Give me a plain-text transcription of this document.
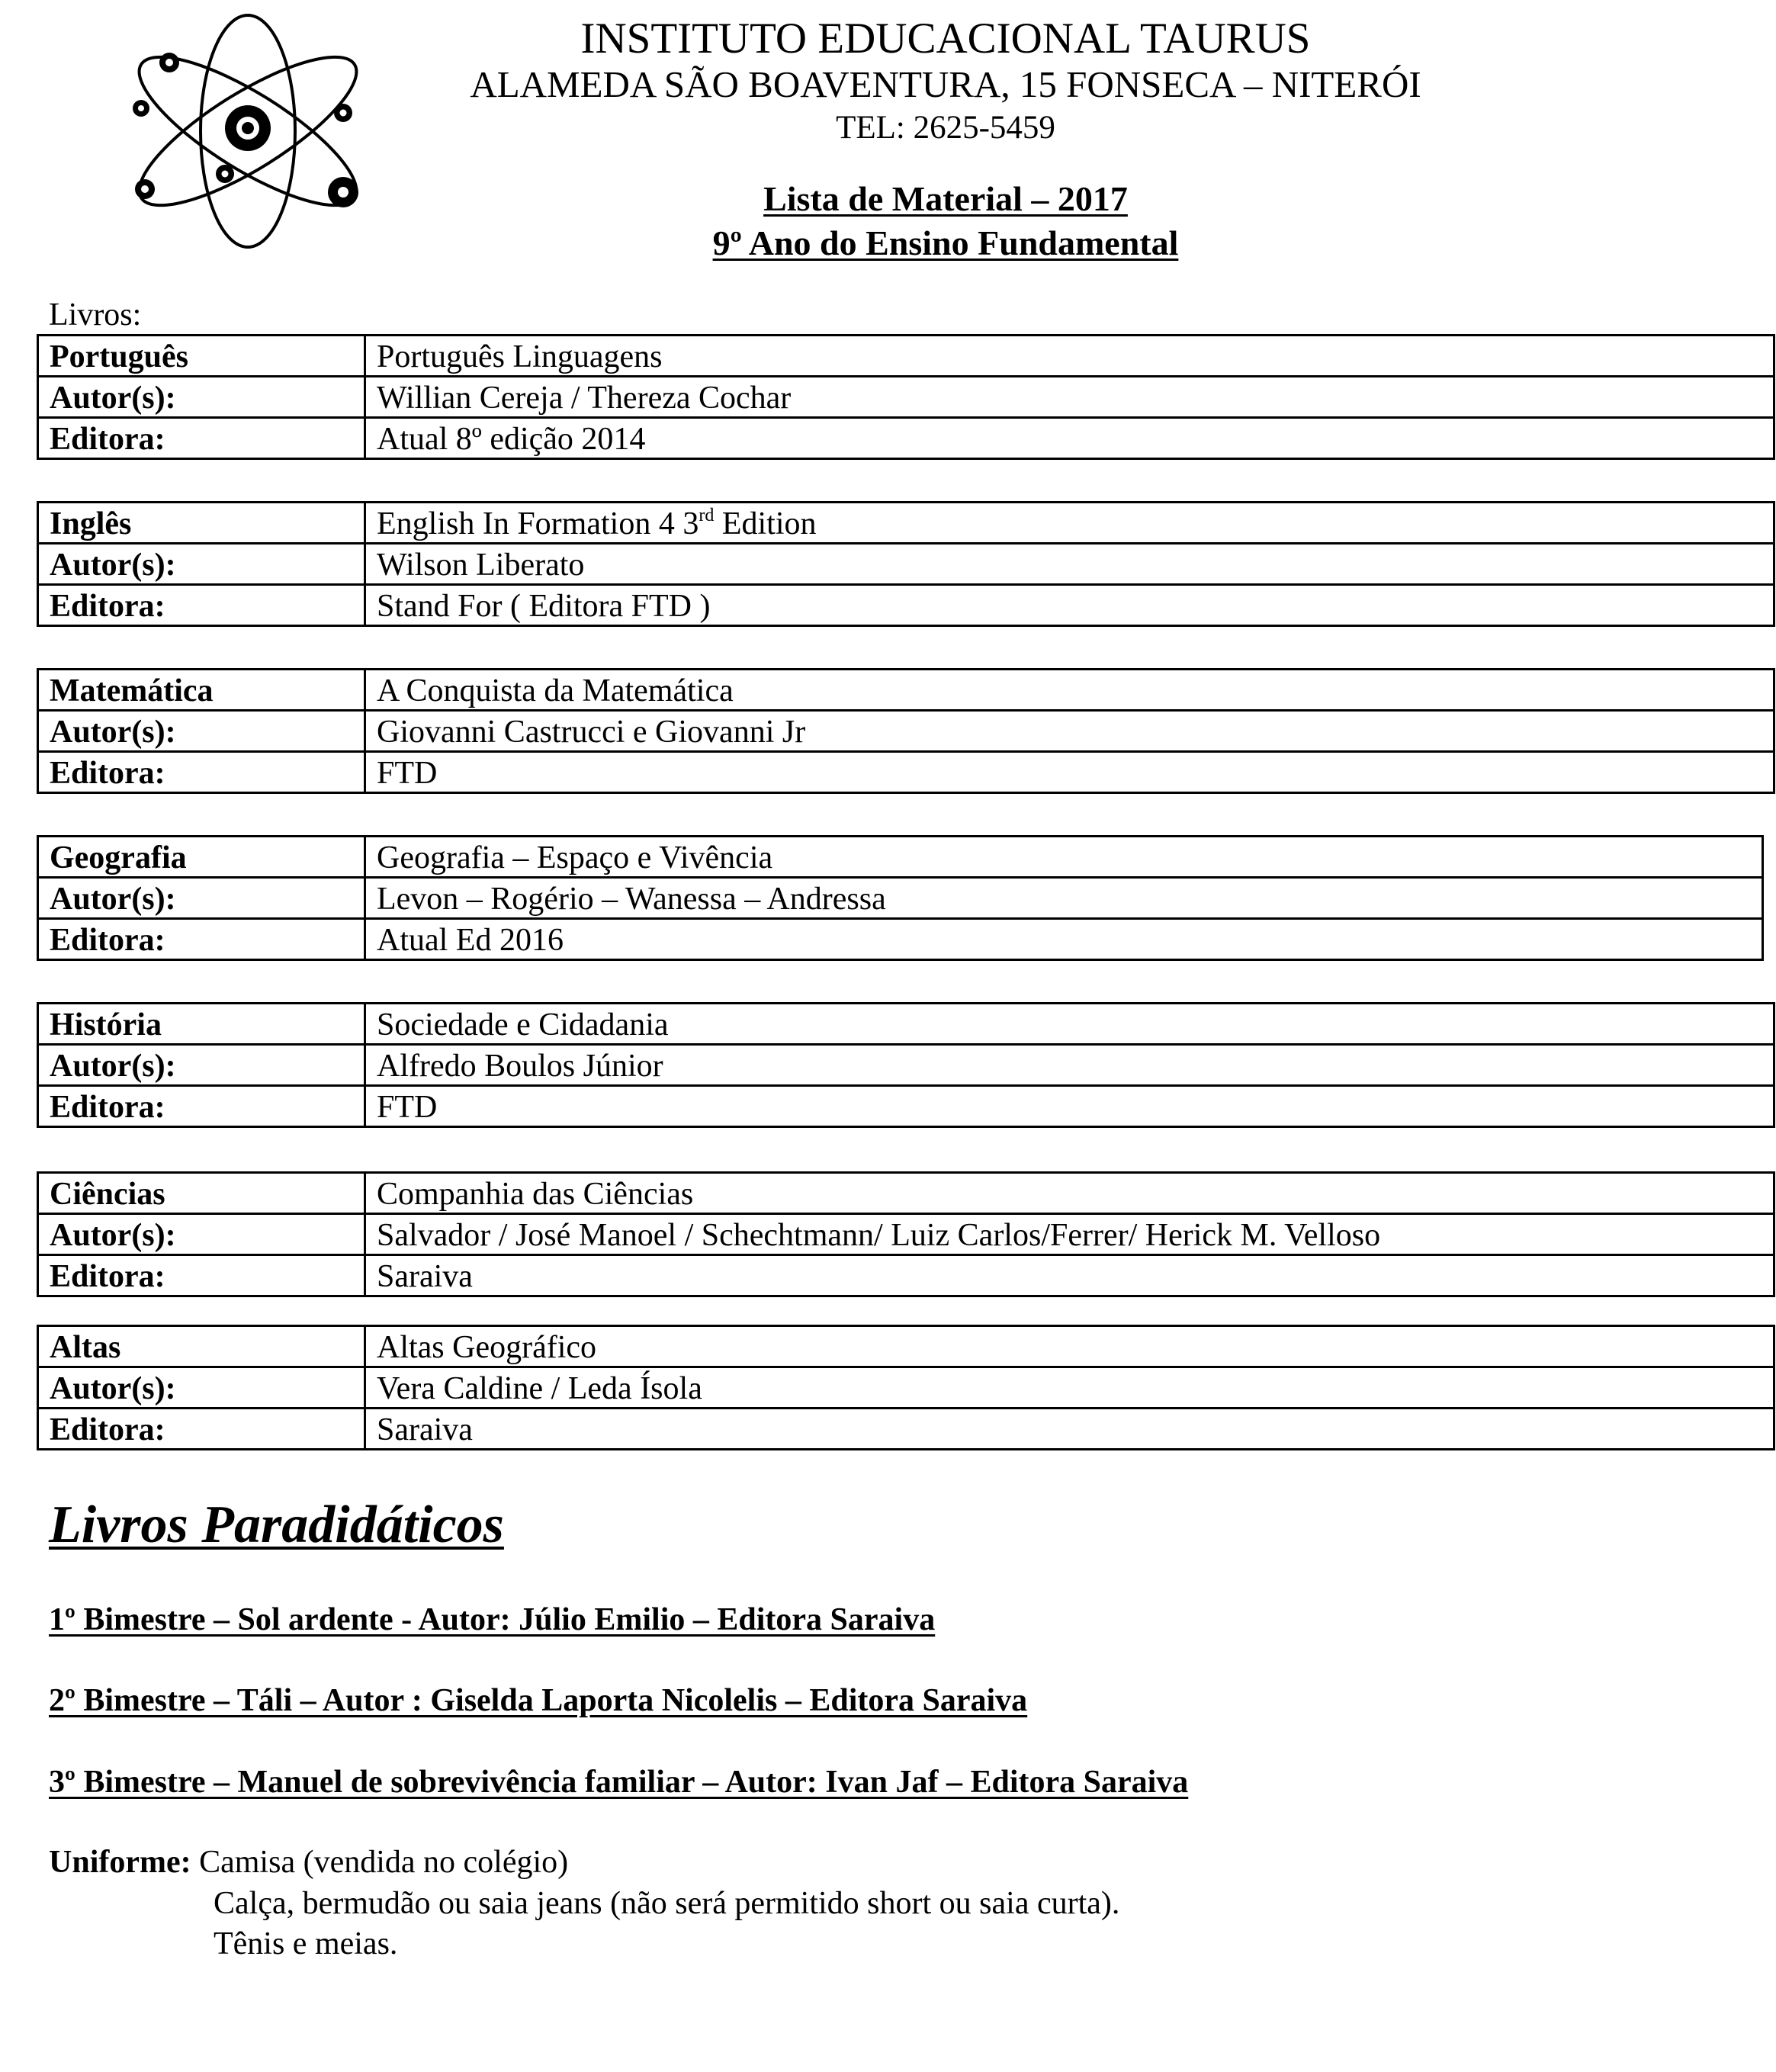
INSTITUTO EDUCACIONAL TAURUS
ALAMEDA SÃO BOAVENTURA, 15 FONSECA – NITERÓI
TEL: 2625-5459
Lista de Material – 2017
9º Ano do Ensino Fundamental
Livros:
Português	Português Linguagens
Autor(s):	Willian Cereja / Thereza Cochar
Editora:	Atual 8º edição 2014
Inglês	English In Formation 4 3rd Edition
Autor(s):	Wilson Liberato
Editora:	Stand For ( Editora FTD )
Matemática	A Conquista da Matemática
Autor(s):	Giovanni Castrucci e Giovanni Jr
Editora:	FTD
Geografia	Geografia – Espaço e Vivência
Autor(s):	Levon – Rogério – Wanessa – Andressa
Editora:	Atual Ed 2016
História	Sociedade e Cidadania
Autor(s):	Alfredo Boulos Júnior
Editora:	FTD
Ciências	Companhia das Ciências
Autor(s):	Salvador / José Manoel / Schechtmann/ Luiz Carlos/Ferrer/ Herick M. Velloso
Editora:	Saraiva
Altas	Altas Geográfico
Autor(s):	Vera Caldine / Leda Ísola
Editora:	Saraiva
Livros Paradidáticos
1º Bimestre – Sol ardente - Autor: Júlio Emilio – Editora Saraiva
2º Bimestre – Táli – Autor : Giselda Laporta Nicolelis – Editora Saraiva
3º Bimestre – Manuel de sobrevivência familiar – Autor: Ivan Jaf – Editora Saraiva
Uniforme: Camisa (vendida no colégio)
Calça, bermudão ou saia jeans (não será permitido short ou saia curta).
Tênis e meias.
